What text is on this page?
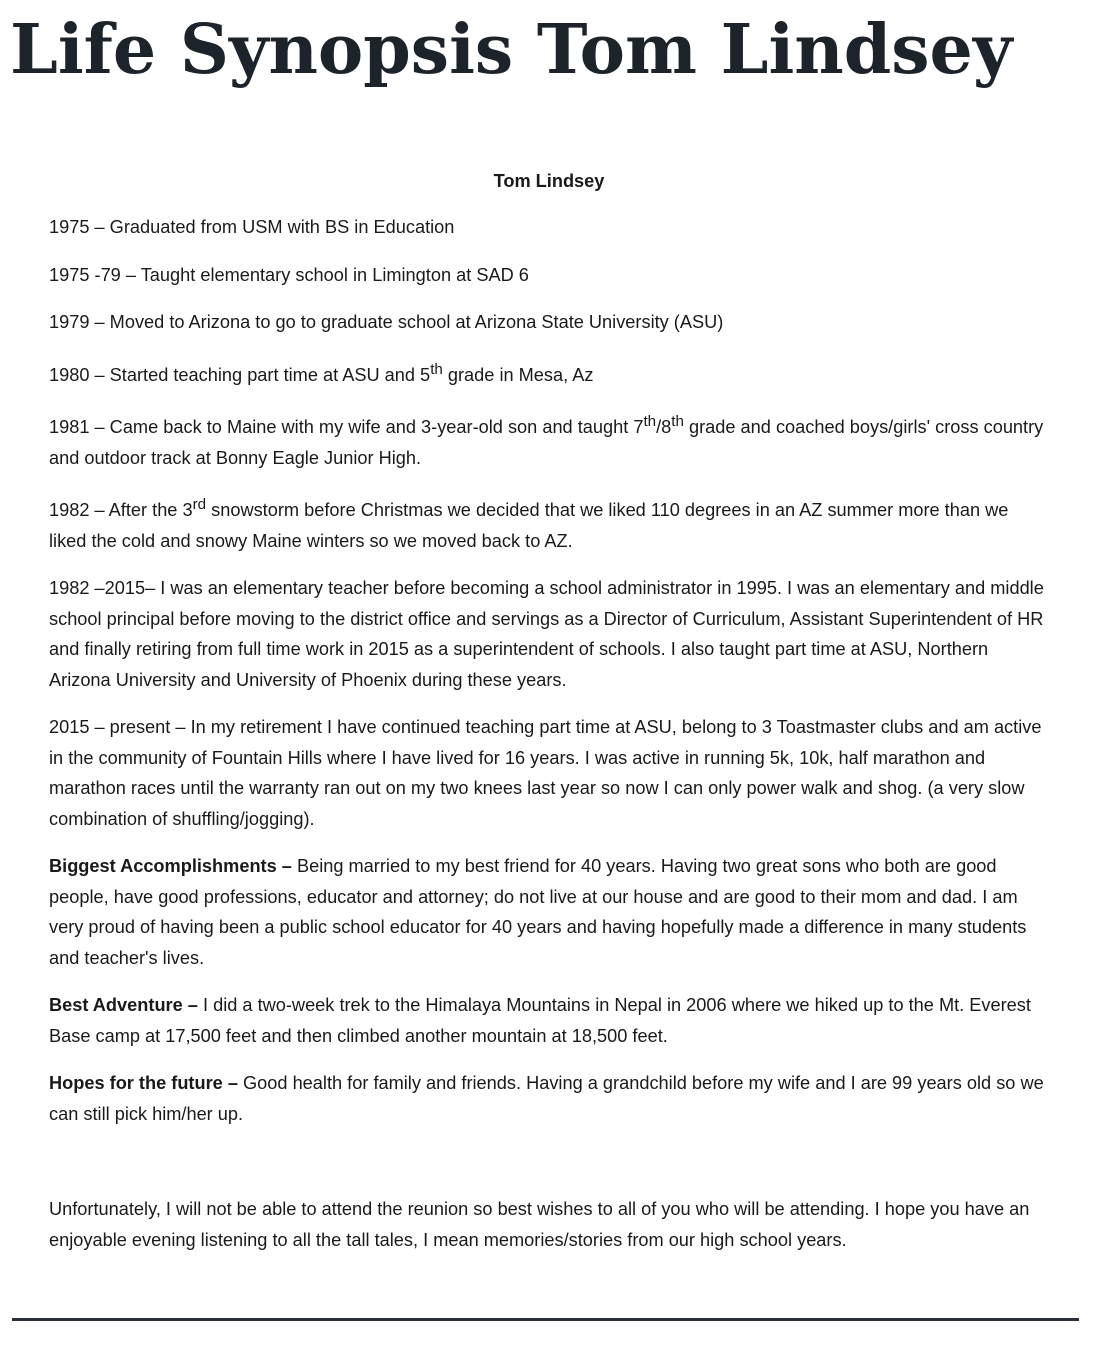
Life Synopsis Tom Lindsey
Tom Lindsey

1975 – Graduated from USM with BS in Education

1975 -79 – Taught elementary school in Limington at SAD 6

1979 – Moved to Arizona to go to graduate school at Arizona State University (ASU)

1980 – Started teaching part time at ASU and 5th grade in Mesa, Az

1981 – Came back to Maine with my wife and 3-year-old son and taught 7th/8th grade and coached boys/girls' cross country and outdoor track at Bonny Eagle Junior High.

1982 – After the 3rd snowstorm before Christmas we decided that we liked 110 degrees in an AZ summer more than we liked the cold and snowy Maine winters so we moved back to AZ.

1982 –2015– I was an elementary teacher before becoming a school administrator in 1995. I was an elementary and middle school principal before moving to the district office and servings as a Director of Curriculum, Assistant Superintendent of HR and finally retiring from full time work in 2015 as a superintendent of schools. I also taught part time at ASU, Northern Arizona University and University of Phoenix during these years.

2015 – present – In my retirement I have continued teaching part time at ASU, belong to 3 Toastmaster clubs and am active in the community of Fountain Hills where I have lived for 16 years. I was active in running 5k, 10k, half marathon and marathon races until the warranty ran out on my two knees last year so now I can only power walk and shog. (a very slow combination of shuffling/jogging).

Biggest Accomplishments – Being married to my best friend for 40 years. Having two great sons who both are good people, have good professions, educator and attorney; do not live at our house and are good to their mom and dad. I am very proud of having been a public school educator for 40 years and having hopefully made a difference in many students and teacher's lives.

Best Adventure – I did a two-week trek to the Himalaya Mountains in Nepal in 2006 where we hiked up to the Mt. Everest Base camp at 17,500 feet and then climbed another mountain at 18,500 feet.

Hopes for the future – Good health for family and friends. Having a grandchild before my wife and I are 99 years old so we can still pick him/her up.

Unfortunately, I will not be able to attend the reunion so best wishes to all of you who will be attending. I hope you have an enjoyable evening listening to all the tall tales, I mean memories/stories from our high school years.
